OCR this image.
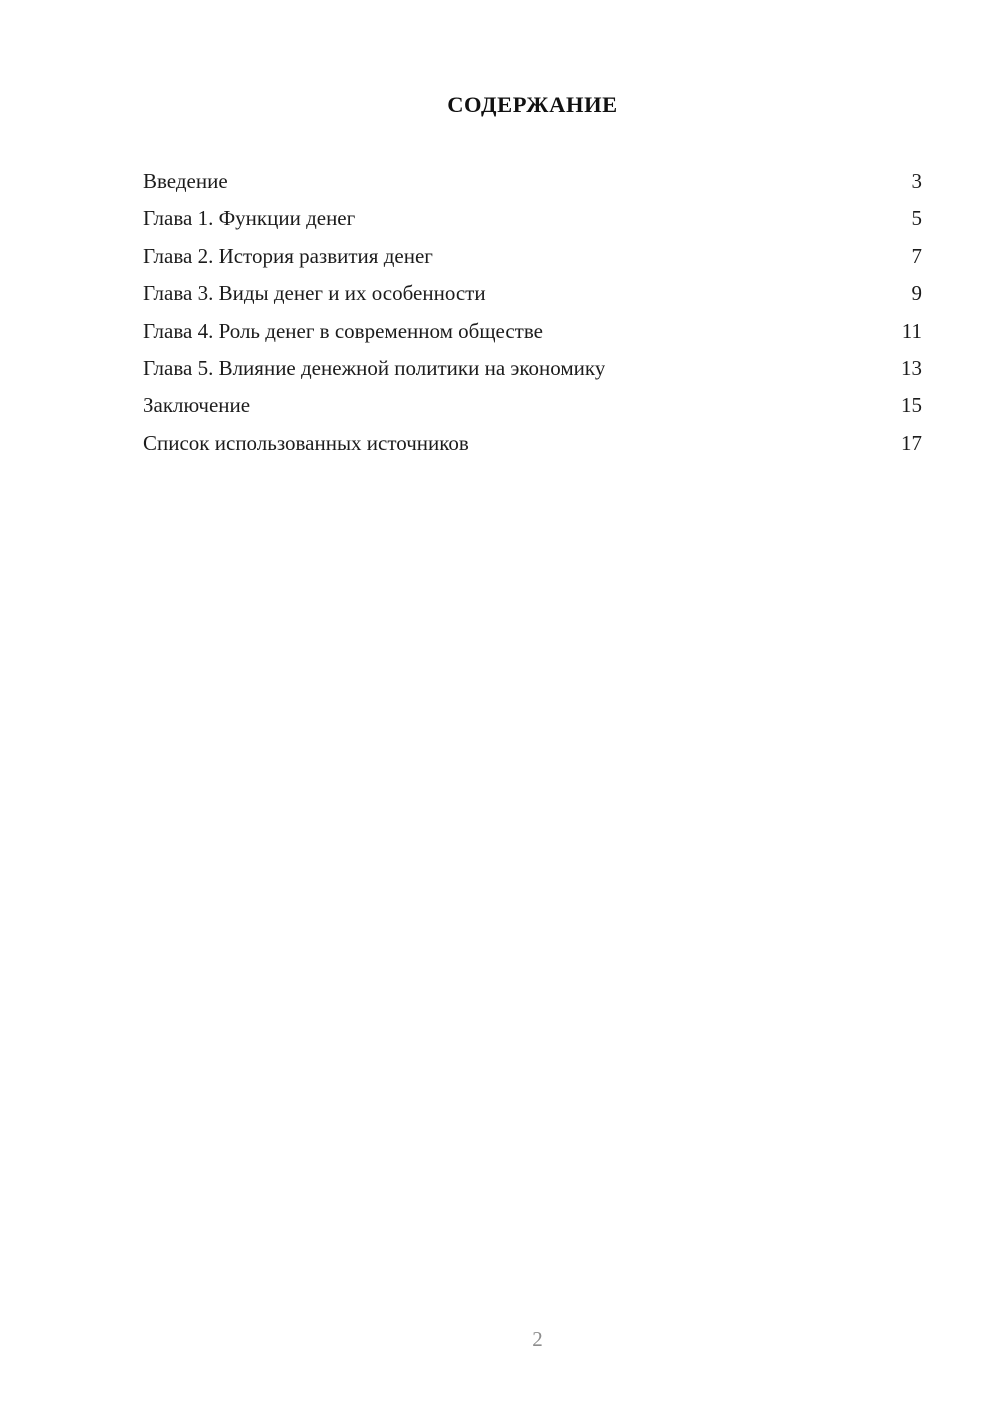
СОДЕРЖАНИЕ
Введение	3
Глава 1. Функции денег	5
Глава 2. История развития денег	7
Глава 3. Виды денег и их особенности	9
Глава 4. Роль денег в современном обществе	11
Глава 5. Влияние денежной политики на экономику	13
Заключение	15
Список использованных источников	17
2
